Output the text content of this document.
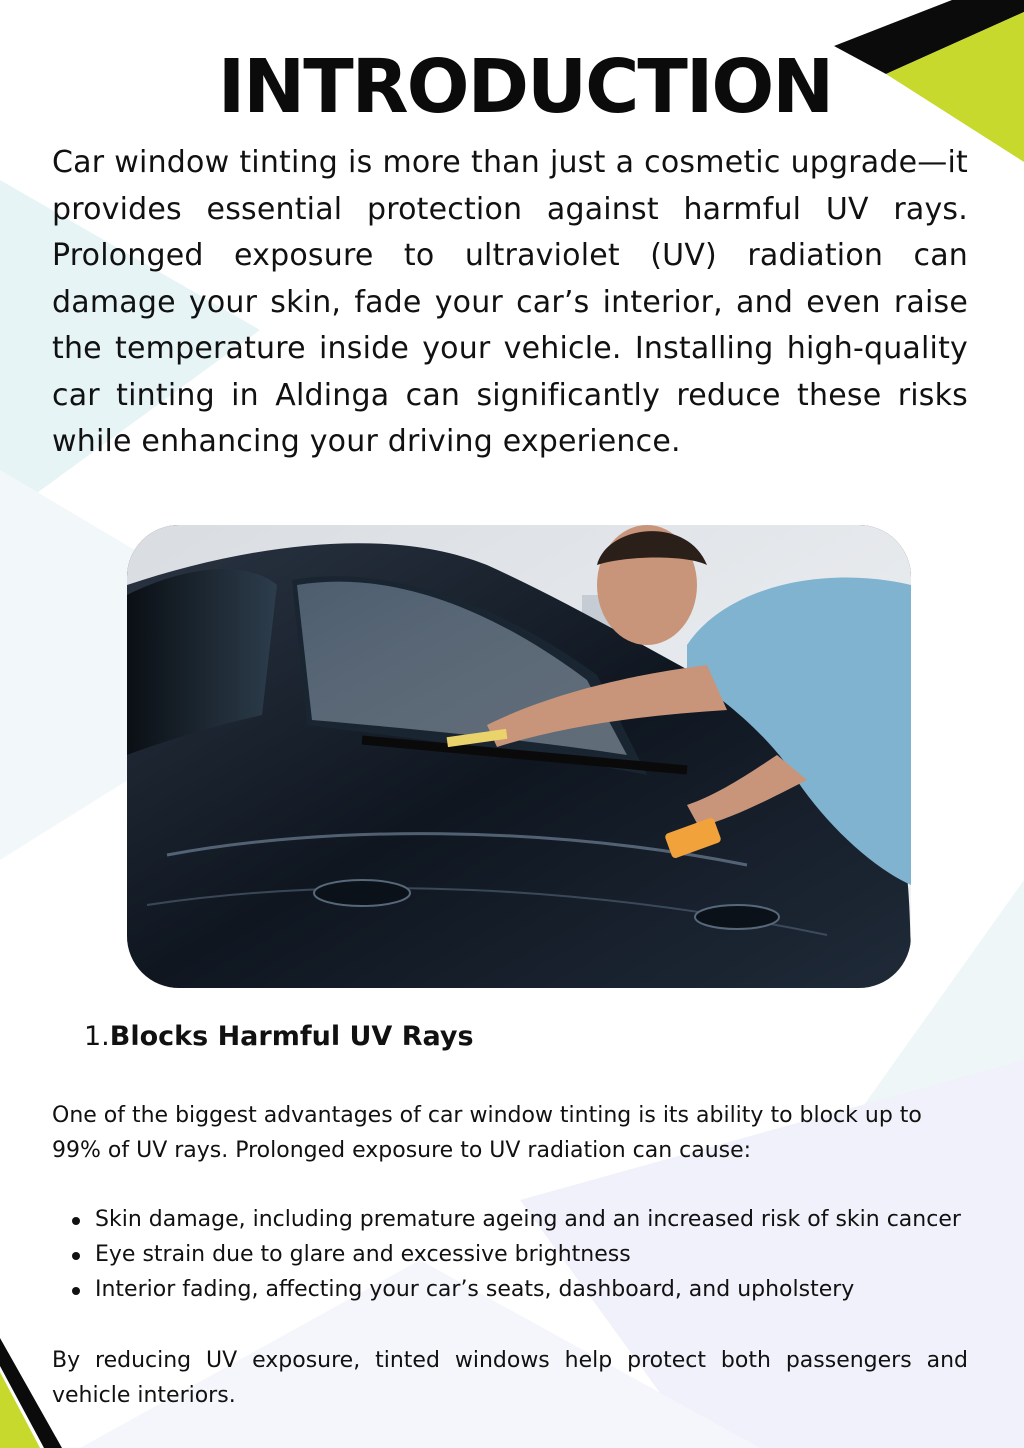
INTRODUCTION

Car window tinting is more than just a cosmetic upgrade—it provides essential protection against harmful UV rays. Prolonged exposure to ultraviolet (UV) radiation can damage your skin, fade your car’s interior, and even raise the temperature inside your vehicle. Installing high-quality car tinting in Aldinga can significantly reduce these risks while enhancing your driving experience.

1.Blocks Harmful UV Rays

One of the biggest advantages of car window tinting is its ability to block up to 99% of UV rays. Prolonged exposure to UV radiation can cause:

Skin damage, including premature ageing and an increased risk of skin cancer
Eye strain due to glare and excessive brightness
Interior fading, affecting your car’s seats, dashboard, and upholstery

By reducing UV exposure, tinted windows help protect both passengers and vehicle interiors.
